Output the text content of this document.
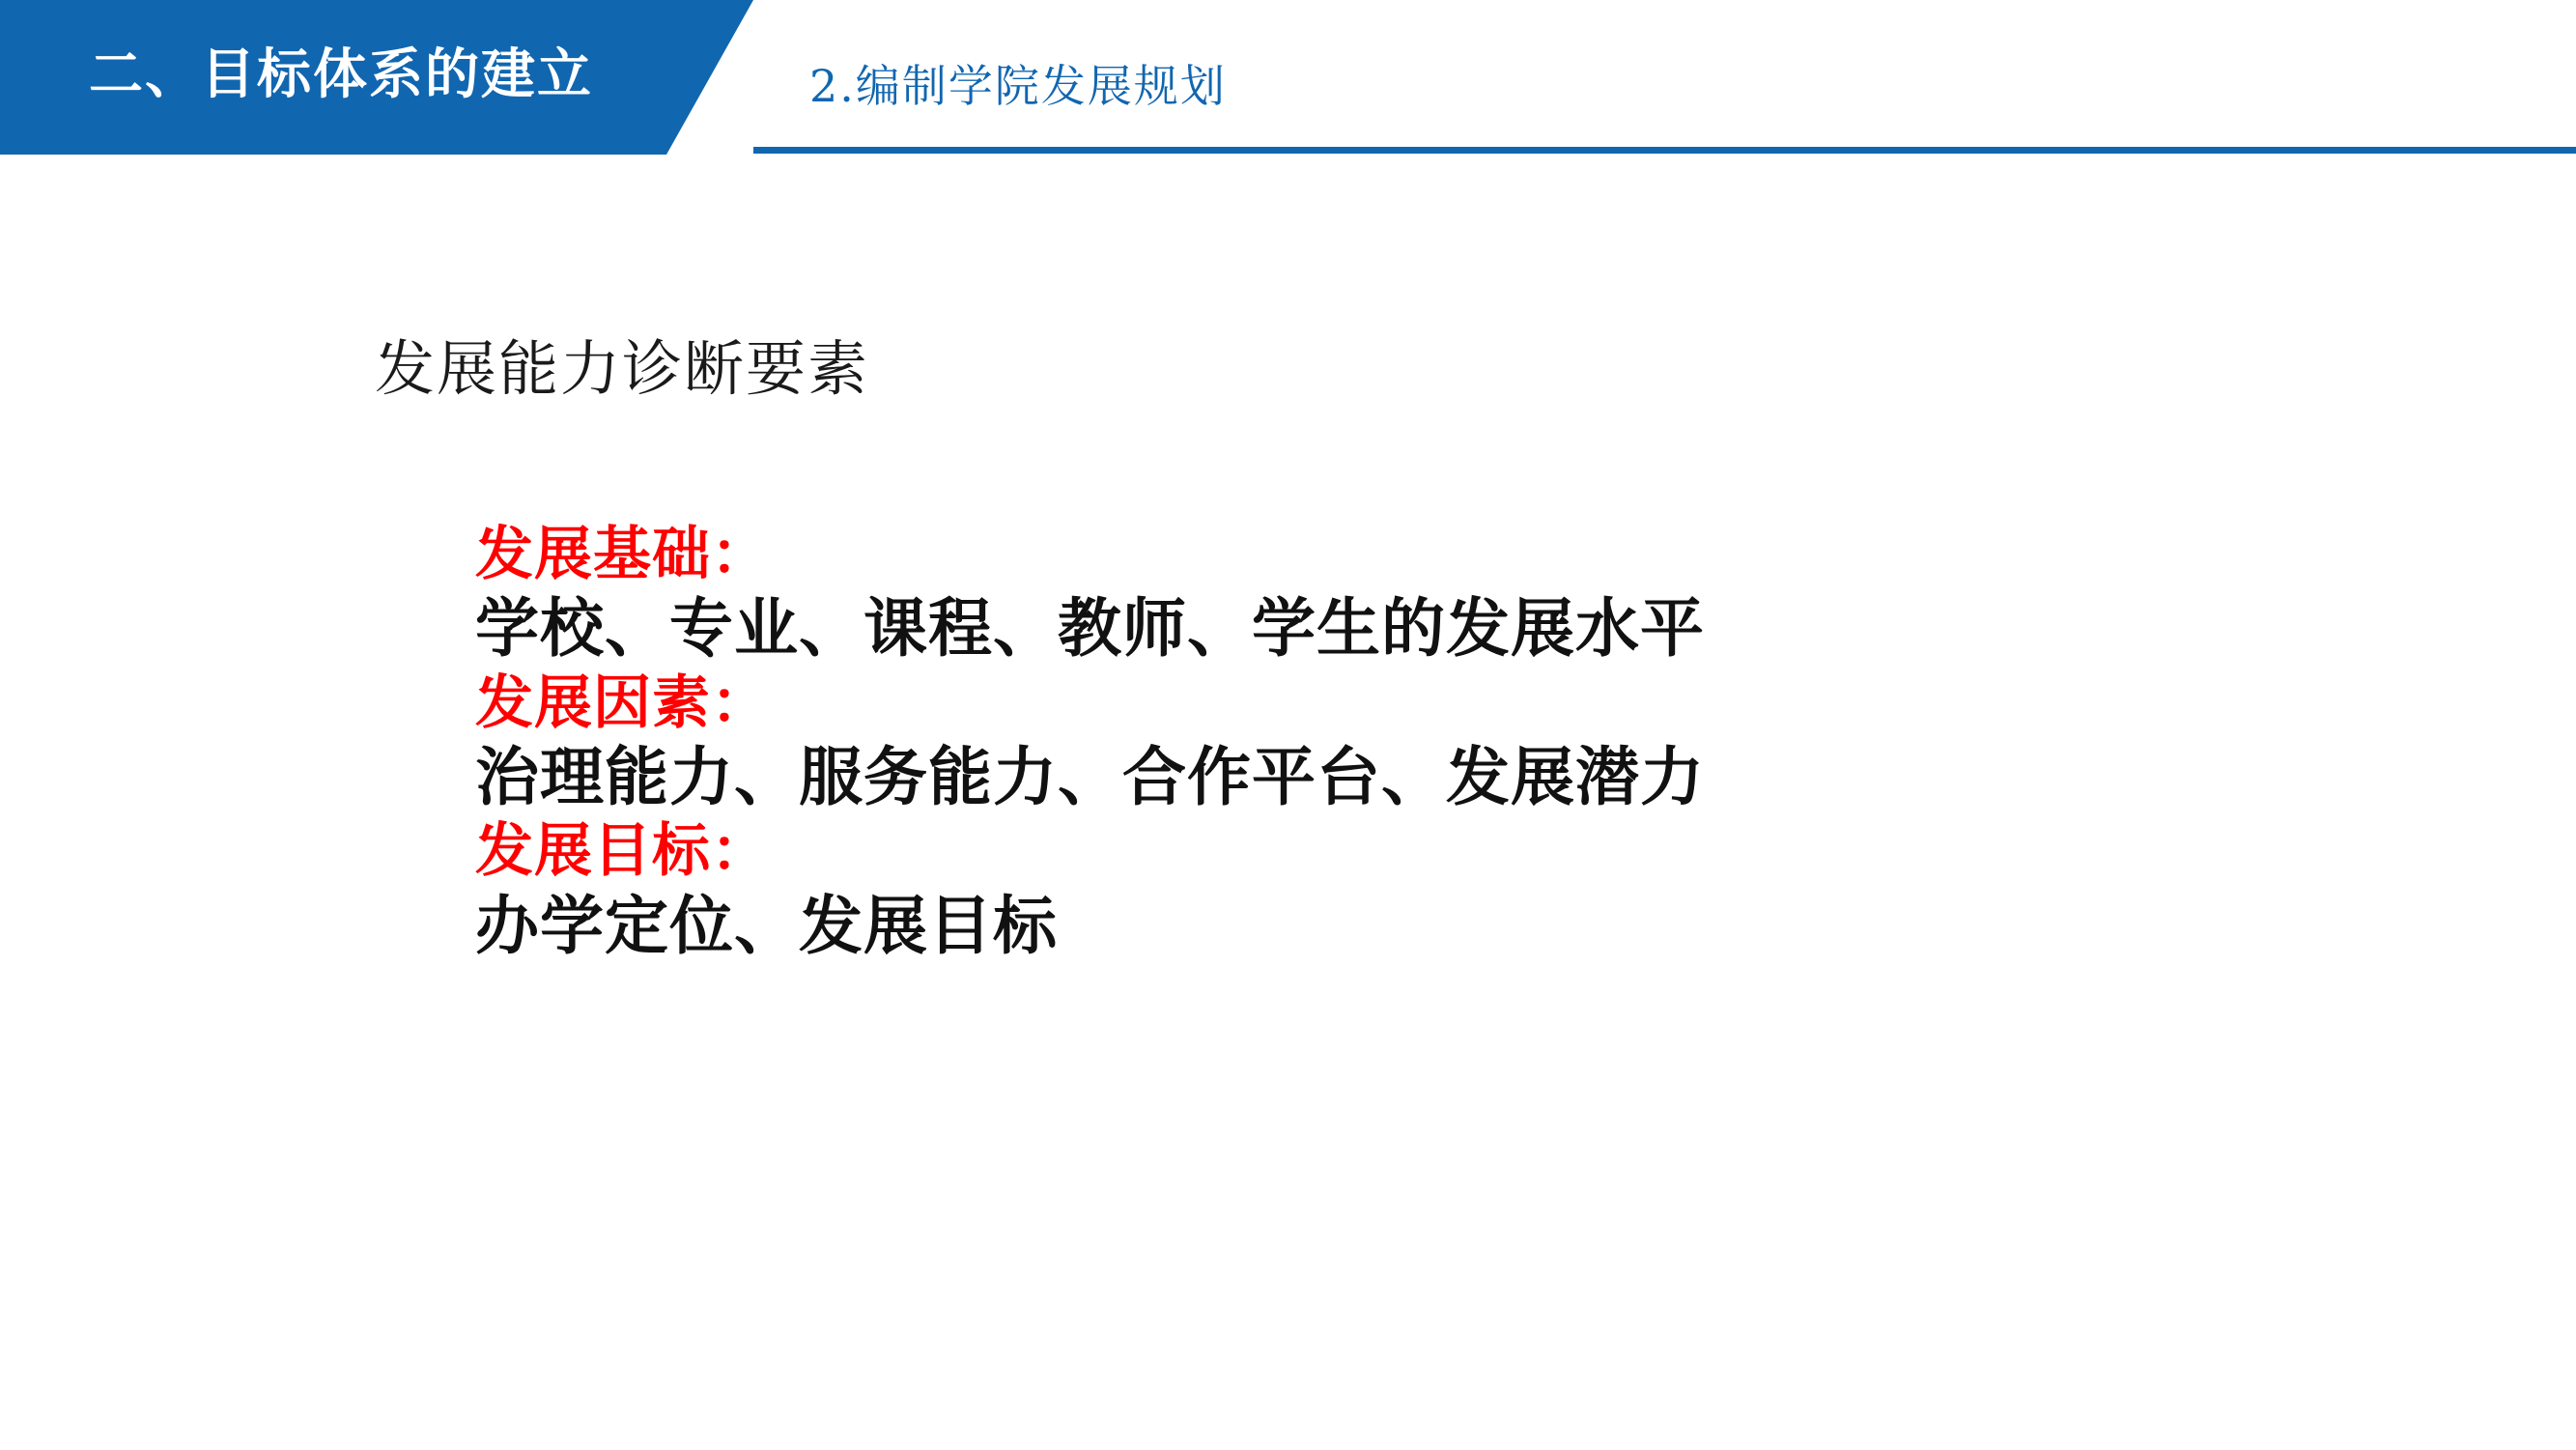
二、目标体系的建立	2.编制学院发展规划
发展能力诊断要素
发展基础：
学校、专业、课程、教师、学生的发展水平
发展因素：
治理能力、服务能力、合作平台、发展潜力
发展目标：
办学定位、发展目标
